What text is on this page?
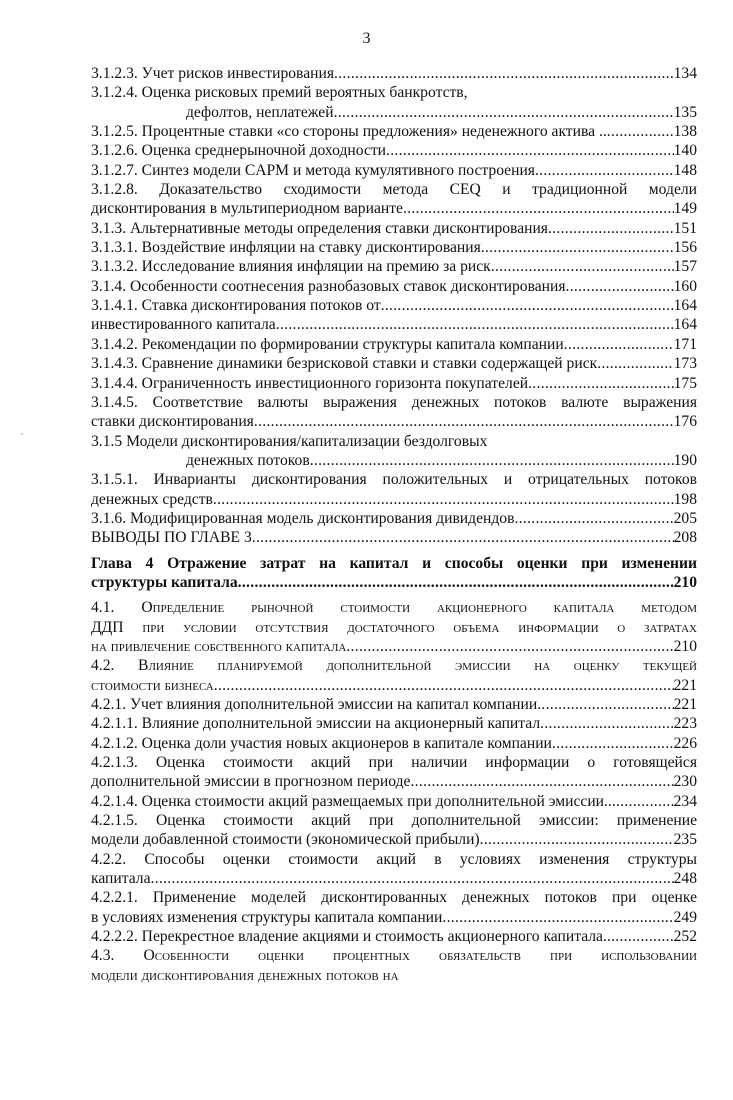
3
3.1.2.3. Учет рисков инвестирования .....	134
3.1.2.4. Оценка рисковых премий вероятных банкротств,
дефолтов, неплатежей .....	135
3.1.2.5. Процентные ставки «со стороны предложения» неденежного актива .. .....	138
3.1.2.6. Оценка среднерыночной доходности .....	140
3.1.2.7. Синтез модели CAPM и метода кумулятивного построения .....	148
3.1.2.8. Доказательство сходимости метода CEQ и традиционной модели
дисконтирования в мультипериодном варианте .....	149
3.1.3. Альтернативные методы определения ставки дисконтирования .....	151
3.1.3.1. Воздействие инфляции на ставку дисконтирования .....	156
3.1.3.2. Исследование влияния инфляции на премию за риск .....	157
3.1.4. Особенности соотнесения разнобазовых ставок дисконтирования .....	160
3.1.4.1. Ставка дисконтирования потоков от .....	164
инвестированного капитала .....	164
3.1.4.2. Рекомендации по формировании структуры капитала компании .....	171
3.1.4.3. Сравнение динамики безрисковой ставки и ставки содержащей риск .....	173
3.1.4.4. Ограниченность инвестиционного горизонта покупателей .....	175
3.1.4.5. Соответствие валюты выражения денежных потоков валюте выражения
ставки дисконтирования .....	176
3.1.5 Модели дисконтирования/капитализации бездолговых
денежных потоков .....	190
3.1.5.1. Инварианты дисконтирования положительных и отрицательных потоков
денежных средств .....	198
3.1.6. Модифицированная модель дисконтирования дивидендов .....	205
ВЫВОДЫ ПО ГЛАВЕ 3 .....	208
Глава 4 Отражение затрат на капитал и способы оценки при изменении
структуры капитала .....	210
4.1. Определение рыночной стоимости акционерного капитала методом
ДДП при условии отсутствия достаточного объема информации о затратах
на привлечение собственного капитала .....	210
4.2. Влияние планируемой дополнительной эмиссии на оценку текущей
стоимости бизнеса .....	221
4.2.1. Учет влияния дополнительной эмиссии на капитал компании .....	221
4.2.1.1. Влияние дополнительной эмиссии на акционерный капитал .....	223
4.2.1.2. Оценка доли участия новых акционеров в капитале компании .....	226
4.2.1.3. Оценка стоимости акций при наличии информации о готовящейся
дополнительной эмиссии в прогнозном периоде .....	230
4.2.1.4. Оценка стоимости акций размещаемых при дополнительной эмиссии.. .....	234
4.2.1.5. Оценка стоимости акций при дополнительной эмиссии: применение
модели добавленной стоимости (экономической прибыли) .....	235
4.2.2. Способы оценки стоимости акций в условиях изменения структуры
капитала .....	248
4.2.2.1. Применение моделей дисконтированных денежных потоков при оценке
в условиях изменения структуры капитала компании .....	249
4.2.2.2. Перекрестное владение акциями и стоимость акционерного капитала. .....	252
4.3. Особенности оценки процентных обязательств при использовании
модели дисконтирования денежных потоков на
